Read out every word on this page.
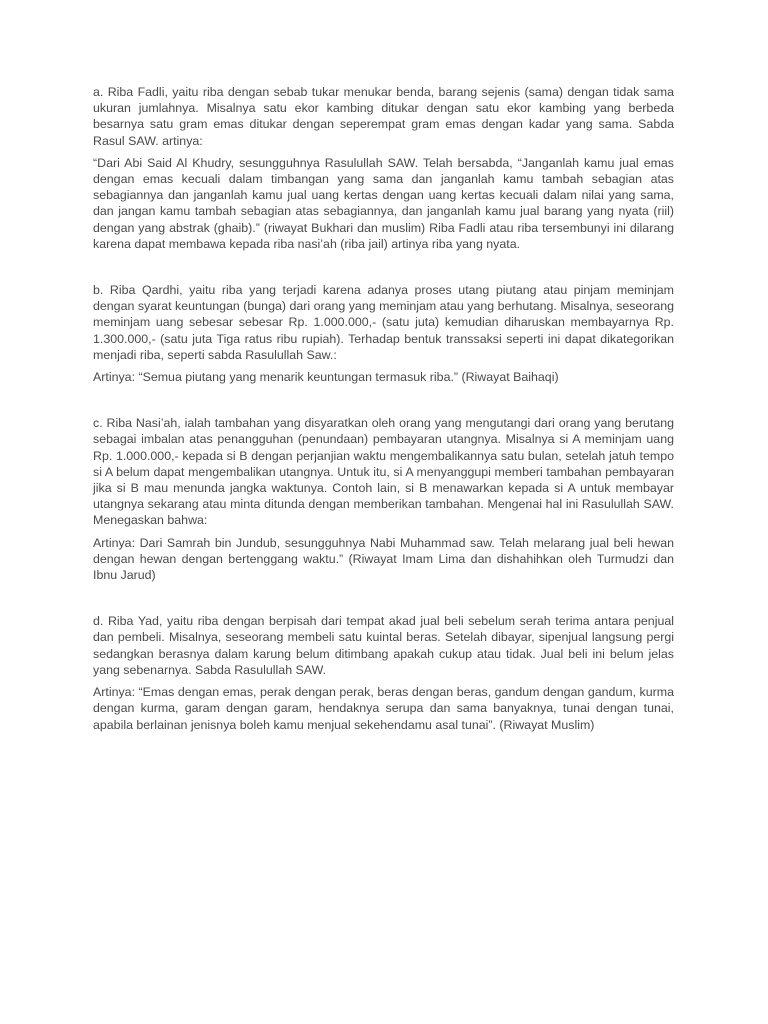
a. Riba Fadli, yaitu riba dengan sebab tukar menukar benda, barang sejenis (sama) dengan tidak sama ukuran jumlahnya. Misalnya satu ekor kambing ditukar dengan satu ekor kambing yang berbeda besarnya satu gram emas ditukar dengan seperempat gram emas dengan kadar yang sama. Sabda Rasul SAW. artinya:

“Dari Abi Said Al Khudry, sesungguhnya Rasulullah SAW. Telah bersabda, “Janganlah kamu jual emas dengan emas kecuali dalam timbangan yang sama dan janganlah kamu tambah sebagian atas sebagiannya dan janganlah kamu jual uang kertas dengan uang kertas kecuali dalam nilai yang sama, dan jangan kamu tambah sebagian atas sebagiannya, dan janganlah kamu jual barang yang nyata (riil) dengan yang abstrak (ghaib).” (riwayat Bukhari dan muslim) Riba Fadli atau riba tersembunyi ini dilarang karena dapat membawa kepada riba nasi’ah (riba jail) artinya riba yang nyata.

b. Riba Qardhi, yaitu riba yang terjadi karena adanya proses utang piutang atau pinjam meminjam dengan syarat keuntungan (bunga) dari orang yang meminjam atau yang berhutang. Misalnya, seseorang meminjam uang sebesar sebesar Rp. 1.000.000,- (satu juta) kemudian diharuskan membayarnya Rp. 1.300.000,- (satu juta Tiga ratus ribu rupiah). Terhadap bentuk transsaksi seperti ini dapat dikategorikan menjadi riba, seperti sabda Rasulullah Saw.:

Artinya: “Semua piutang yang menarik keuntungan termasuk riba.” (Riwayat Baihaqi)

c. Riba Nasi’ah, ialah tambahan yang disyaratkan oleh orang yang mengutangi dari orang yang berutang sebagai imbalan atas penangguhan (penundaan) pembayaran utangnya. Misalnya si A meminjam uang Rp. 1.000.000,- kepada si B dengan perjanjian waktu mengembalikannya satu bulan, setelah jatuh tempo si A belum dapat mengembalikan utangnya. Untuk itu, si A menyanggupi memberi tambahan pembayaran jika si B mau menunda jangka waktunya. Contoh lain, si B menawarkan kepada si A untuk membayar utangnya sekarang atau minta ditunda dengan memberikan tambahan. Mengenai hal ini Rasulullah SAW. Menegaskan bahwa:

Artinya: Dari Samrah bin Jundub, sesungguhnya Nabi Muhammad saw. Telah melarang jual beli hewan dengan hewan dengan bertenggang waktu.” (Riwayat Imam Lima dan dishahihkan oleh Turmudzi dan Ibnu Jarud)

d. Riba Yad, yaitu riba dengan berpisah dari tempat akad jual beli sebelum serah terima antara penjual dan pembeli. Misalnya, seseorang membeli satu kuintal beras. Setelah dibayar, sipenjual langsung pergi sedangkan berasnya dalam karung belum ditimbang apakah cukup atau tidak. Jual beli ini belum jelas yang sebenarnya. Sabda Rasulullah SAW.

Artinya: “Emas dengan emas, perak dengan perak, beras dengan beras, gandum dengan gandum, kurma dengan kurma, garam dengan garam, hendaknya serupa dan sama banyaknya, tunai dengan tunai, apabila berlainan jenisnya boleh kamu menjual sekehendamu asal tunai”. (Riwayat Muslim)
